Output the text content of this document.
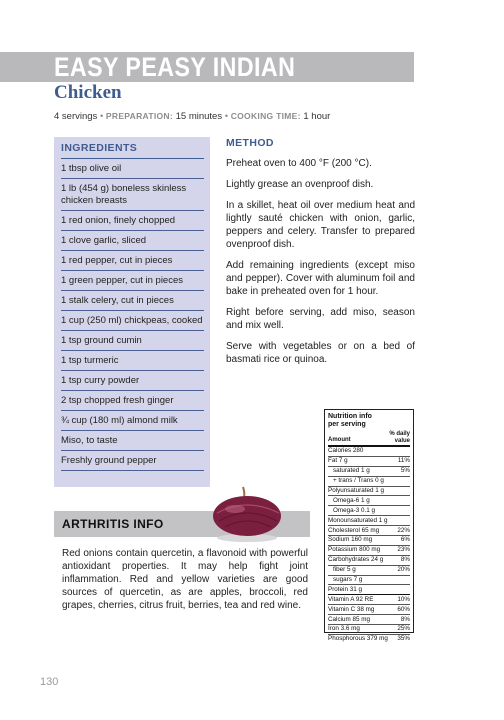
EASY PEASY INDIAN
Chicken
4 servings • PREPARATION: 15 minutes • COOKING TIME: 1 hour
INGREDIENTS
1 tbsp olive oil
1 lb (454 g) boneless skinless chicken breasts
1 red onion, finely chopped
1 clove garlic, sliced
1 red pepper, cut in pieces
1 green pepper, cut in pieces
1 stalk celery, cut in pieces
1 cup (250 ml) chickpeas, cooked
1 tsp ground cumin
1 tsp turmeric
1 tsp curry powder
2 tsp chopped fresh ginger
¾ cup (180 ml) almond milk
Miso, to taste
Freshly ground pepper
METHOD

Preheat oven to 400 °F (200 °C).

Lightly grease an ovenproof dish.

In a skillet, heat oil over medium heat and lightly sauté chicken with onion, garlic, peppers and celery. Transfer to prepared ovenproof dish.

Add remaining ingredients (except miso and pepper). Cover with aluminum foil and bake in preheated oven for 1 hour.

Right before serving, add miso, season and mix well.

Serve with vegetables or on a bed of basmati rice or quinoa.

ARTHRITIS INFO

Red onions contain quercetin, a flavonoid with powerful antioxidant properties. It may help fight joint inflammation. Red and yellow varieties are good sources of quercetin, as are apples, broccoli, red grapes, cherries, citrus fruit, berries, tea and red wine.

Nutrition info
per serving
Amount
% daily
value
Calories 280
Fat 7 g	11%
saturated 1 g	5%
+ trans / Trans 0 g
Polyunsaturated 1 g
Omega-6 1 g
Omega-3 0.1 g
Monounsaturated 1 g
Cholesterol 65 mg	22%
Sodium 160 mg	6%
Potassium 800 mg	23%
Carbohydrates 24 g	8%
fiber 5 g	20%
sugars 7 g
Protein 31 g
Vitamin A 92 RE	10%
Vitamin C 38 mg	60%
Calcium 85 mg	8%
Iron 3.6 mg	25%
Phosphorous 379 mg 35%
130
